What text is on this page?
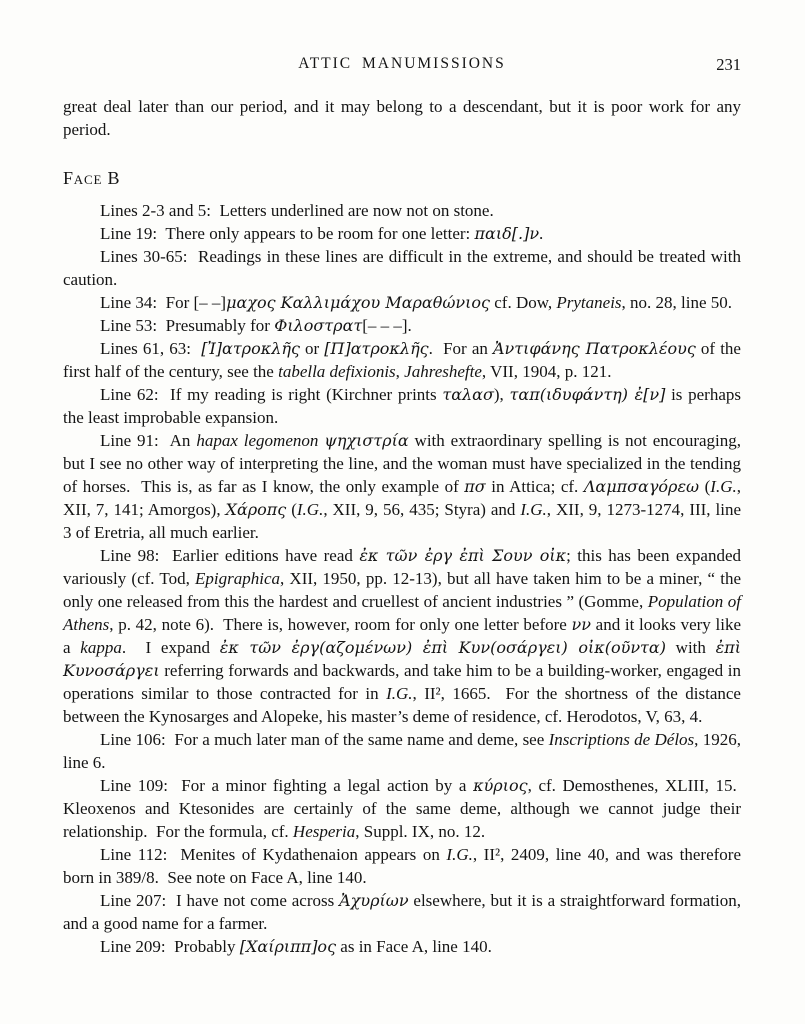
ATTIC MANUMISSIONS	231

great deal later than our period, and it may belong to a descendant, but it is poor work for any period.

Face B

Lines 2-3 and 5:  Letters underlined are now not on stone.

Line 19:  There only appears to be room for one letter: παιδ[.]ν.

Lines 30-65:  Readings in these lines are difficult in the extreme, and should be treated with caution.

Line 34:  For [– –]μαχος Καλλιμάχου Μαραθώνιος cf. Dow, Prytaneis, no. 28, line 50.

Line 53:  Presumably for Φιλοστρατ[– – –].

Lines 61, 63:  [Ἰ]ατροκλῆς or [Π]ατροκλῆς.  For an Ἀντιφάνης Πατροκλέους of the first half of the century, see the tabella defixionis, Jahreshefte, VII, 1904, p. 121.

Line 62:  If my reading is right (Kirchner prints ταλασ), ταπ(ιδυφάντη) ἐ[ν] is perhaps the least improbable expansion.

Line 91:  An hapax legomenon ψηχιστρία with extraordinary spelling is not encouraging, but I see no other way of interpreting the line, and the woman must have specialized in the tending of horses.  This is, as far as I know, the only example of πσ in Attica; cf. Λαμπσαγόρεω (I.G., XII, 7, 141; Amorgos), Χάροπς (I.G., XII, 9, 56, 435; Styra) and I.G., XII, 9, 1273-1274, III, line 3 of Eretria, all much earlier.

Line 98:  Earlier editions have read ἐκ τῶν ἐργ ἐπὶ Σουν οἰκ; this has been expanded variously (cf. Tod, Epigraphica, XII, 1950, pp. 12-13), but all have taken him to be a miner, “ the only one released from this the hardest and cruellest of ancient industries ” (Gomme, Population of Athens, p. 42, note 6).  There is, however, room for only one letter before νν and it looks very like a kappa.  I expand ἐκ τῶν ἐργ(αζομένων) ἐπὶ Κυν(οσάργει) οἰκ(οῦντα) with ἐπὶ Κυνοσάργει referring forwards and backwards, and take him to be a building-worker, engaged in operations similar to those contracted for in I.G., II², 1665.  For the shortness of the distance between the Kynosarges and Alopeke, his master’s deme of residence, cf. Herodotos, V, 63, 4.

Line 106:  For a much later man of the same name and deme, see Inscriptions de Délos, 1926, line 6.

Line 109:  For a minor fighting a legal action by a κύριος, cf. Demosthenes, XLIII, 15.  Kleoxenos and Ktesonides are certainly of the same deme, although we cannot judge their relationship.  For the formula, cf. Hesperia, Suppl. IX, no. 12.

Line 112:  Menites of Kydathenaion appears on I.G., II², 2409, line 40, and was therefore born in 389/8.  See note on Face A, line 140.

Line 207:  I have not come across Ἀχυρίων elsewhere, but it is a straightforward formation, and a good name for a farmer.

Line 209:  Probably [Χαίριππ]ος as in Face A, line 140.
